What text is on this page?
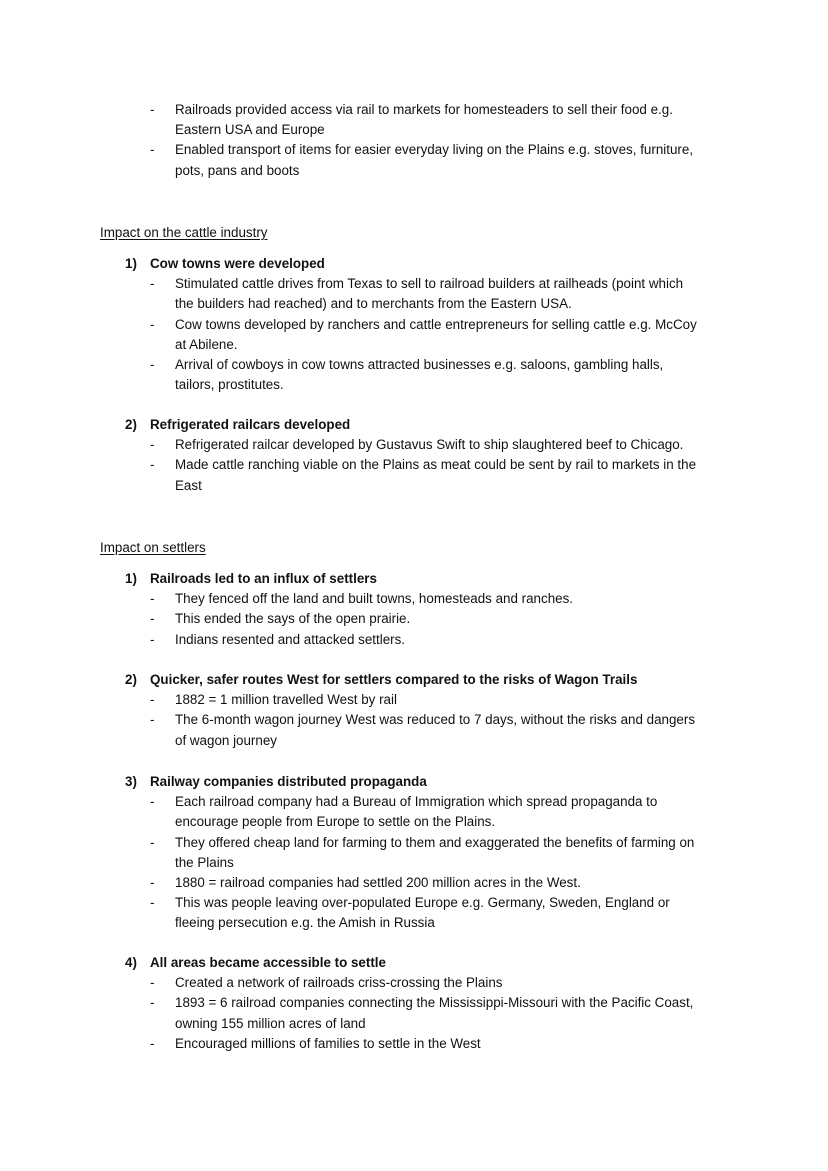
-	Railroads provided access via rail to markets for homesteaders to sell their food e.g.
Eastern USA and Europe
-	Enabled transport of items for easier everyday living on the Plains e.g. stoves, furniture,
pots, pans and boots
Impact on the cattle industry
1) Cow towns were developed
-	Stimulated cattle drives from Texas to sell to railroad builders at railheads (point which
the builders had reached) and to merchants from the Eastern USA.
-	Cow towns developed by ranchers and cattle entrepreneurs for selling cattle e.g. McCoy
at Abilene.
-	Arrival of cowboys in cow towns attracted businesses e.g. saloons, gambling halls,
tailors, prostitutes.
2) Refrigerated railcars developed
-	Refrigerated railcar developed by Gustavus Swift to ship slaughtered beef to Chicago.
-	Made cattle ranching viable on the Plains as meat could be sent by rail to markets in the
East
Impact on settlers
1) Railroads led to an influx of settlers
-	They fenced off the land and built towns, homesteads and ranches.
-	This ended the says of the open prairie.
-	Indians resented and attacked settlers.
2) Quicker, safer routes West for settlers compared to the risks of Wagon Trails
-	1882 = 1 million travelled West by rail
-	The 6-month wagon journey West was reduced to 7 days, without the risks and dangers
of wagon journey
3) Railway companies distributed propaganda
-	Each railroad company had a Bureau of Immigration which spread propaganda to
encourage people from Europe to settle on the Plains.
-	They offered cheap land for farming to them and exaggerated the benefits of farming on
the Plains
-	1880 = railroad companies had settled 200 million acres in the West.
-	This was people leaving over-populated Europe e.g. Germany, Sweden, England or
fleeing persecution e.g. the Amish in Russia
4) All areas became accessible to settle
-	Created a network of railroads criss-crossing the Plains
-	1893 = 6 railroad companies connecting the Mississippi-Missouri with the Pacific Coast,
owning 155 million acres of land
-	Encouraged millions of families to settle in the West
